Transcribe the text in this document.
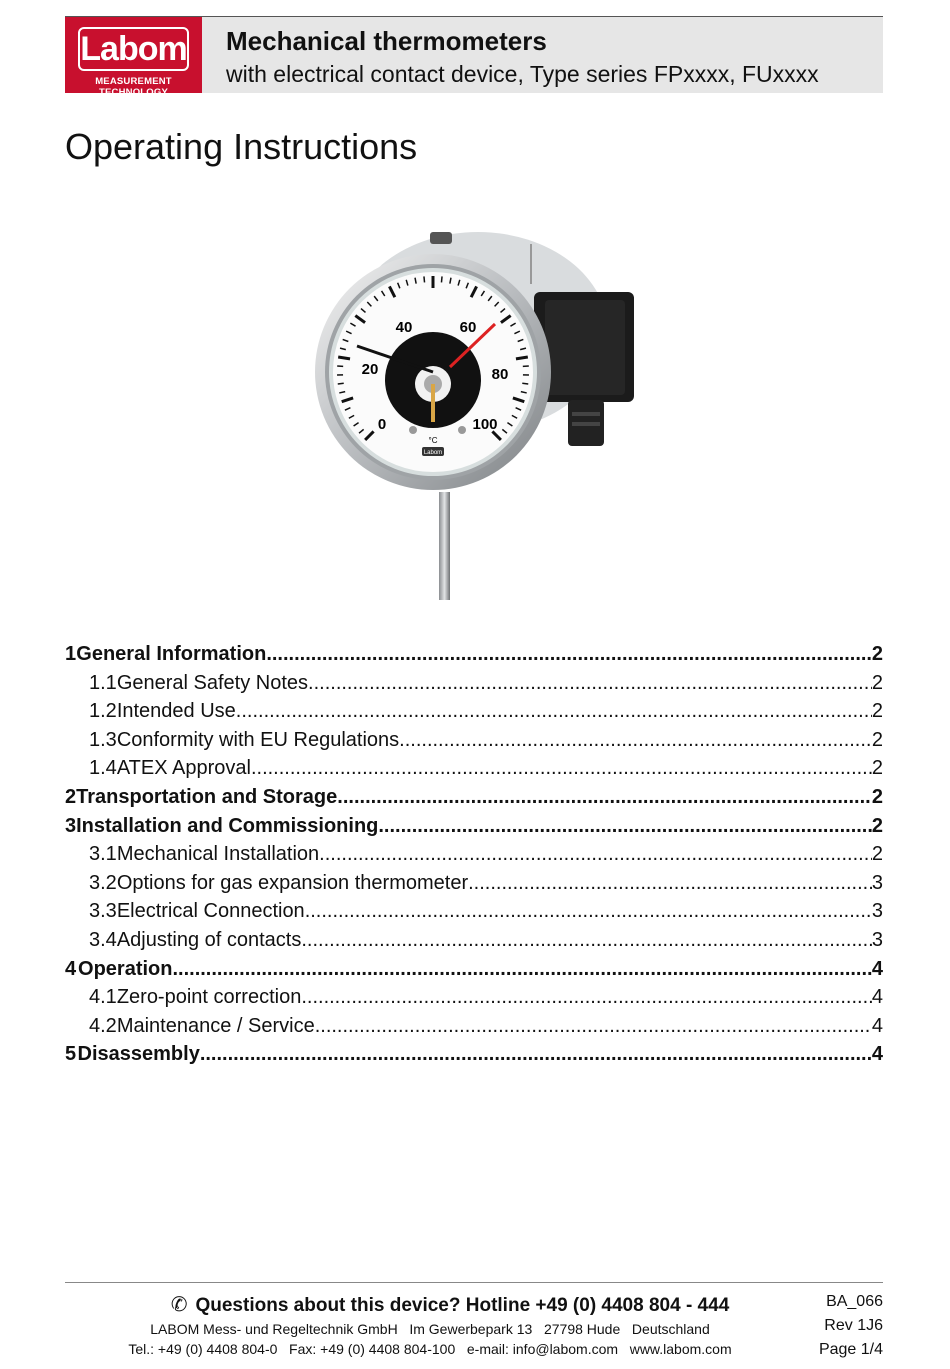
Labom
MEASUREMENT TECHNOLOGY
Mechanical thermometers
with electrical contact device, Type series FPxxxx, FUxxxx
Operating Instructions
0
20
40	60
80
100
°C
Labom
1 General Information .....	2
1.1 General Safety Notes .....	2
1.2 Intended Use .....	2
1.3 Conformity with EU Regulations .....	2
1.4 ATEX Approval .....	2
2 Transportation and Storage .....	2
3 Installation and Commissioning .....	2
3.1 Mechanical Installation .....	2
3.2 Options for gas expansion thermometer .....	3
3.3 Electrical Connection .....	3
3.4 Adjusting of contacts .....	3
4 Operation .....	4
4.1 Zero-point correction .....	4
4.2 Maintenance / Service .....	4
5 Disassembly .....	4
✆ Questions about this device? Hotline +49 (0) 4408 804 - 444
LABOM Mess- und Regeltechnik GmbH   Im Gewerbepark 13   27798 Hude   Deutschland
Tel.: +49 (0) 4408 804-0   Fax: +49 (0) 4408 804-100   e-mail: info@labom.com   www.labom.com
BA_066
Rev 1J6
Page 1/4
